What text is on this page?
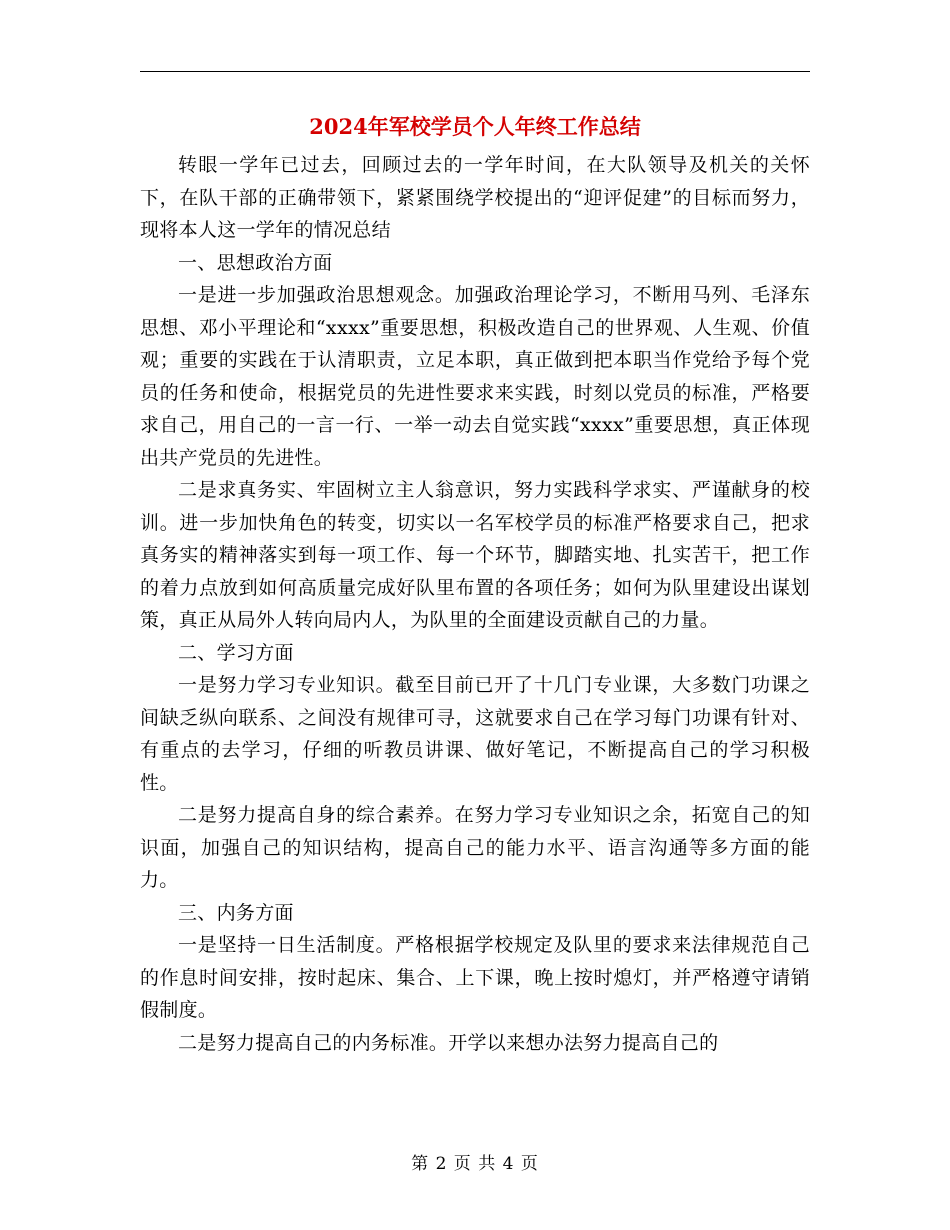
2024年军校学员个人年终工作总结

转眼一学年已过去，回顾过去的一学年时间，在大队领导及机关的关怀下，在队干部的正确带领下，紧紧围绕学校提出的“迎评促建”的目标而努力，现将本人这一学年的情况总结

一、思想政治方面

一是进一步加强政治思想观念。加强政治理论学习，不断用马列、毛泽东思想、邓小平理论和“xxxx”重要思想，积极改造自己的世界观、人生观、价值观；重要的实践在于认清职责，立足本职，真正做到把本职当作党给予每个党员的任务和使命，根据党员的先进性要求来实践，时刻以党员的标准，严格要求自己，用自己的一言一行、一举一动去自觉实践“xxxx”重要思想，真正体现出共产党员的先进性。

二是求真务实、牢固树立主人翁意识，努力实践科学求实、严谨献身的校训。进一步加快角色的转变，切实以一名军校学员的标准严格要求自己，把求真务实的精神落实到每一项工作、每一个环节，脚踏实地、扎实苦干，把工作的着力点放到如何高质量完成好队里布置的各项任务；如何为队里建设出谋划策，真正从局外人转向局内人，为队里的全面建设贡献自己的力量。

二、学习方面

一是努力学习专业知识。截至目前已开了十几门专业课，大多数门功课之间缺乏纵向联系、之间没有规律可寻，这就要求自己在学习每门功课有针对、有重点的去学习，仔细的听教员讲课、做好笔记，不断提高自己的学习积极性。

二是努力提高自身的综合素养。在努力学习专业知识之余，拓宽自己的知识面，加强自己的知识结构，提高自己的能力水平、语言沟通等多方面的能力。

三、内务方面

一是坚持一日生活制度。严格根据学校规定及队里的要求来法律规范自己的作息时间安排，按时起床、集合、上下课，晚上按时熄灯，并严格遵守请销假制度。

二是努力提高自己的内务标准。开学以来想办法努力提高自己的

第 2 页 共 4 页
